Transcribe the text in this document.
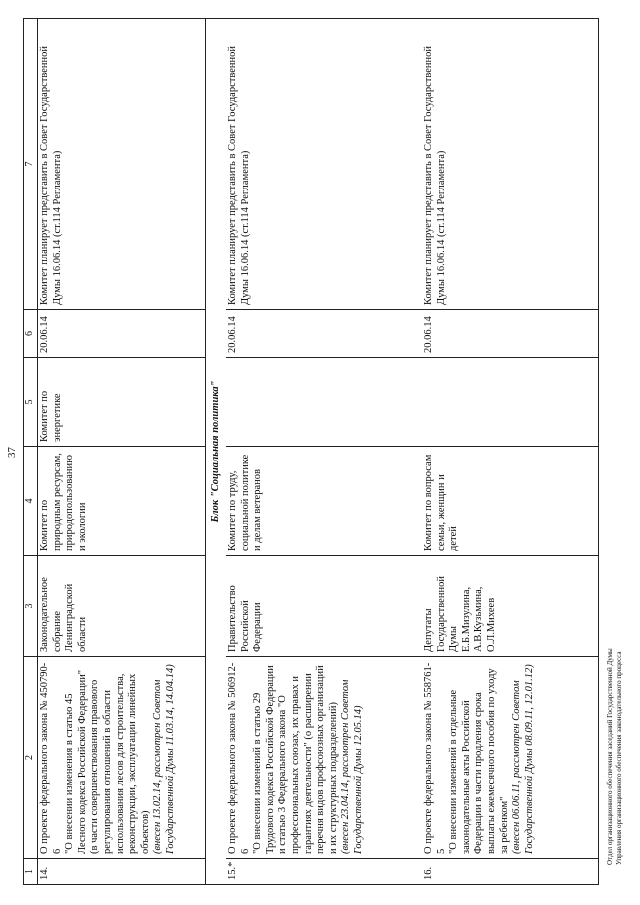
37
1	2	3	4	5	6	7
14.	О проекте федерального закона № 450790-6 "О внесении изменения в статью 45 Лесного кодекса Российской Федерации" (в части совершенствования правового регулирования отношений в области использования лесов для строительства, реконструкции, эксплуатации линейных объектов) (внесен 13.02.14, рассмотрен Советом Государственной Думы 11.03.14, 14.04.14)	Законодательное собрание Ленинградской области	Комитет по природным ресурсам, природопользованию и экологии	Комитет по энергетике	20.06.14	Комитет планирует представить в Совет Государственной Думы 16.06.14 (ст.114 Регламента)
Блок "Социальная политика"						
15.*	О проекте федерального закона № 506912-6 "О внесении изменений в статью 29 Трудового кодекса Российской Федерации и статью 3 Федерального закона "О профессиональных союзах, их правах и гарантиях деятельности" (о расширении перечня видов профсоюзных организаций и их структурных подразделений) (внесен 23.04.14, рассмотрен Советом Государственной Думы 12.05.14)	Правительство Российской Федерации	Комитет по труду, социальной политике и делам ветеранов		20.06.14	Комитет планирует представить в Совет Государственной Думы 16.06.14 (ст.114 Регламента)
16.	О проекте федерального закона № 558761-5 "О внесении изменений в отдельные законодательные акты Российской Федерации в части продления срока выплаты ежемесячного пособия по уходу за ребенком" (внесен 06.06.11, рассмотрен Советом Государственной Думы 08.09.11, 12.01.12)	Депутаты Государственной Думы Е.Б.Мизулина, А.В.Кузьмина, О.Л.Михеев	Комитет по вопросам семьи, женщин и детей		20.06.14	Комитет планирует представить в Совет Государственной Думы 16.06.14 (ст.114 Регламента)
Отдел организационного обеспечения заседаний Государственной Думы Управления организационного обеспечения законодательного процесса
